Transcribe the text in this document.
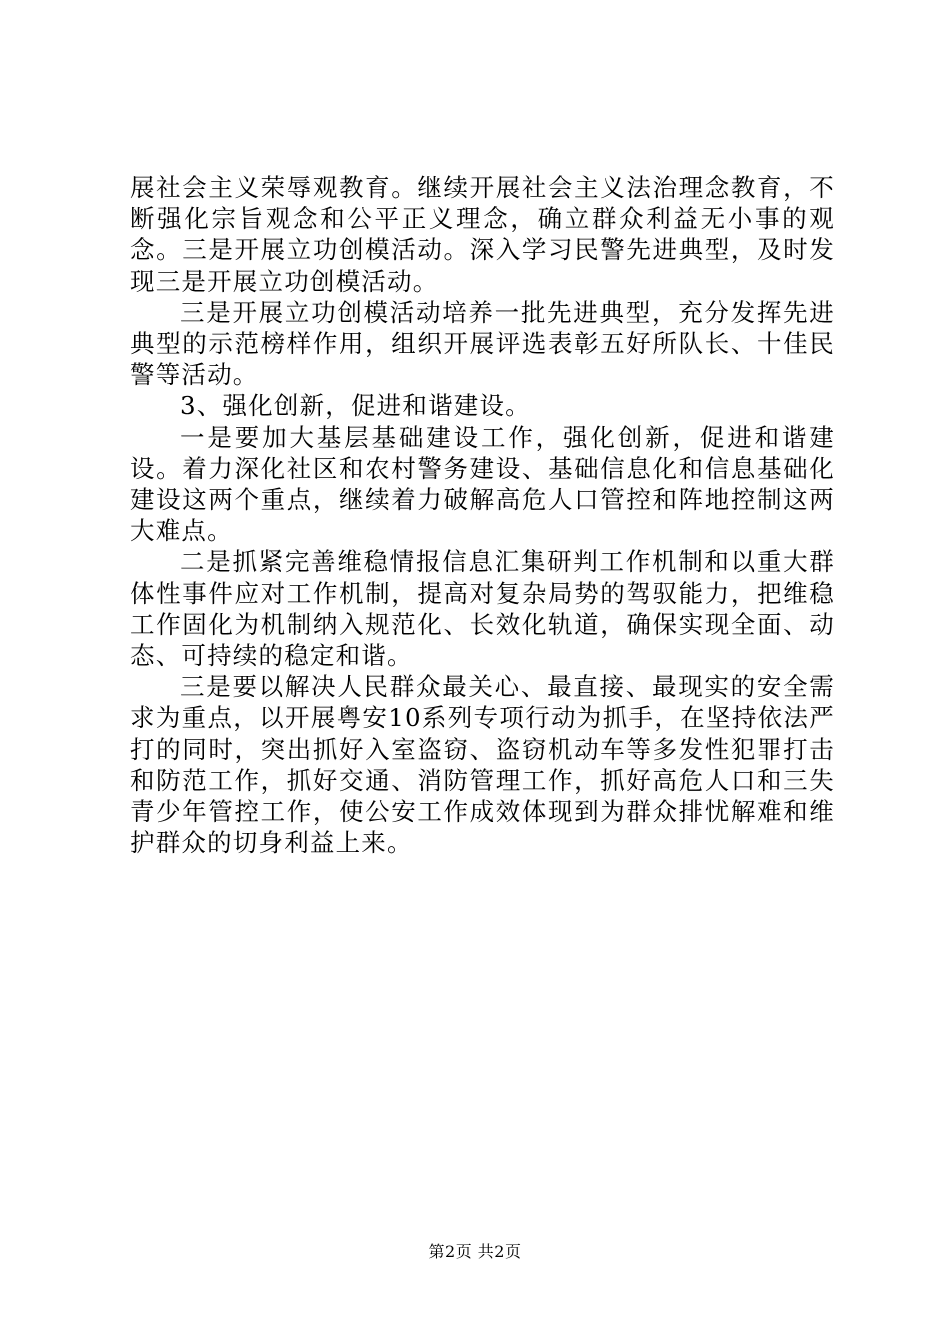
展社会主义荣辱观教育。继续开展社会主义法治理念教育，不断强化宗旨观念和公平正义理念，确立群众利益无小事的观念。三是开展立功创模活动。深入学习民警先进典型，及时发现三是开展立功创模活动。

三是开展立功创模活动培养一批先进典型，充分发挥先进典型的示范榜样作用，组织开展评选表彰五好所队长、十佳民警等活动。

3、强化创新，促进和谐建设。

一是要加大基层基础建设工作，强化创新，促进和谐建设。着力深化社区和农村警务建设、基础信息化和信息基础化建设这两个重点，继续着力破解高危人口管控和阵地控制这两大难点。

二是抓紧完善维稳情报信息汇集研判工作机制和以重大群体性事件应对工作机制，提高对复杂局势的驾驭能力，把维稳工作固化为机制纳入规范化、长效化轨道，确保实现全面、动态、可持续的稳定和谐。

三是要以解决人民群众最关心、最直接、最现实的安全需求为重点，以开展粤安10系列专项行动为抓手，在坚持依法严打的同时，突出抓好入室盗窃、盗窃机动车等多发性犯罪打击和防范工作，抓好交通、消防管理工作，抓好高危人口和三失青少年管控工作，使公安工作成效体现到为群众排忧解难和维护群众的切身利益上来。

第2页 共2页
